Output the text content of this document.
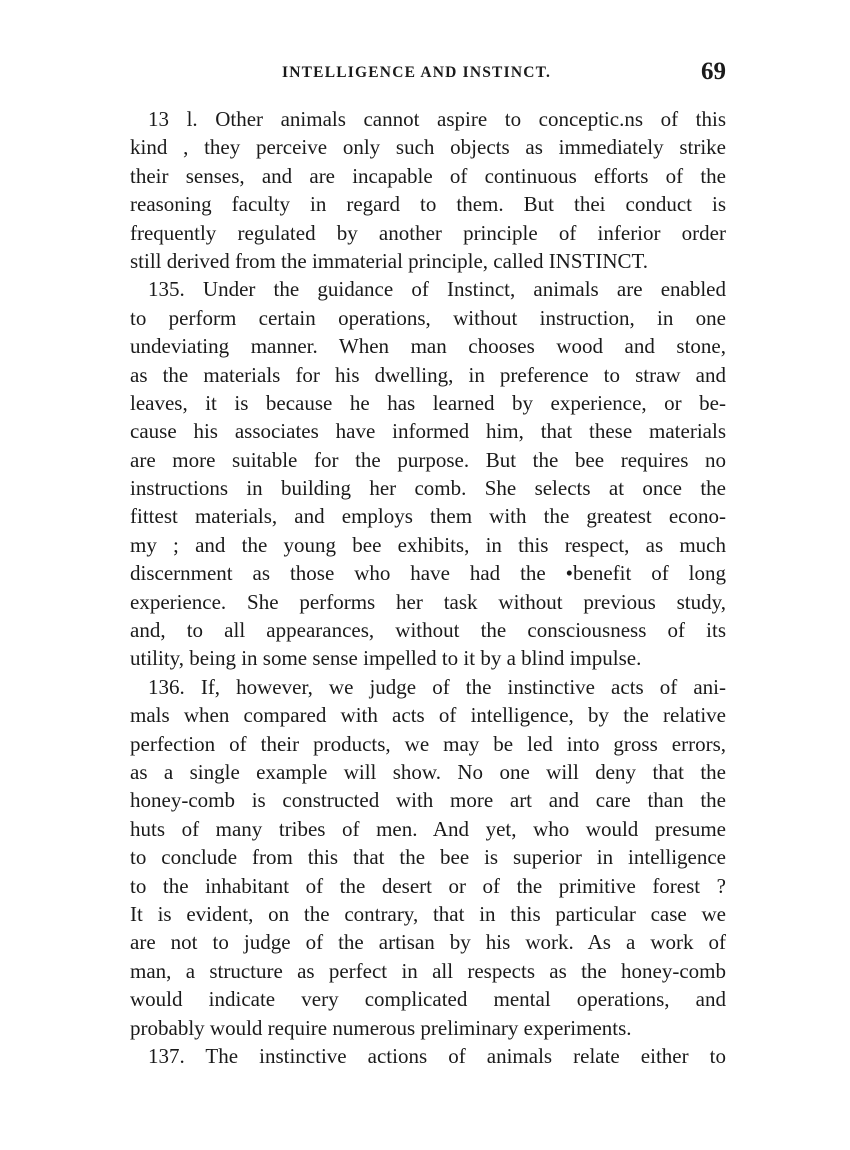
INTELLIGENCE AND INSTINCT.	69
13 l. Other animals cannot aspire to conceptic.ns of this
kind , they perceive only such objects as immediately strike
their senses, and are incapable of continuous efforts of the
reasoning faculty in regard to them. But thei conduct is
frequently regulated by another principle of inferior order
still derived from the immaterial principle, called INSTINCT.
135. Under the guidance of Instinct, animals are enabled
to perform certain operations, without instruction, in one
undeviating manner. When man chooses wood and stone,
as the materials for his dwelling, in preference to straw and
leaves, it is because he has learned by experience, or be-
cause his associates have informed him, that these materials
are more suitable for the purpose. But the bee requires no
instructions in building her comb. She selects at once the
fittest materials, and employs them with the greatest econo-
my ; and the young bee exhibits, in this respect, as much
discernment as those who have had the •benefit of long
experience. She performs her task without previous study,
and, to all appearances, without the consciousness of its
utility, being in some sense impelled to it by a blind impulse.
136. If, however, we judge of the instinctive acts of ani-
mals when compared with acts of intelligence, by the relative
perfection of their products, we may be led into gross errors,
as a single example will show. No one will deny that the
honey-comb is constructed with more art and care than the
huts of many tribes of men. And yet, who would presume
to conclude from this that the bee is superior in intelligence
to the inhabitant of the desert or of the primitive forest ?
It is evident, on the contrary, that in this particular case we
are not to judge of the artisan by his work. As a work of
man, a structure as perfect in all respects as the honey-comb
would indicate very complicated mental operations, and
probably would require numerous preliminary experiments.
137. The instinctive actions of animals relate either to
